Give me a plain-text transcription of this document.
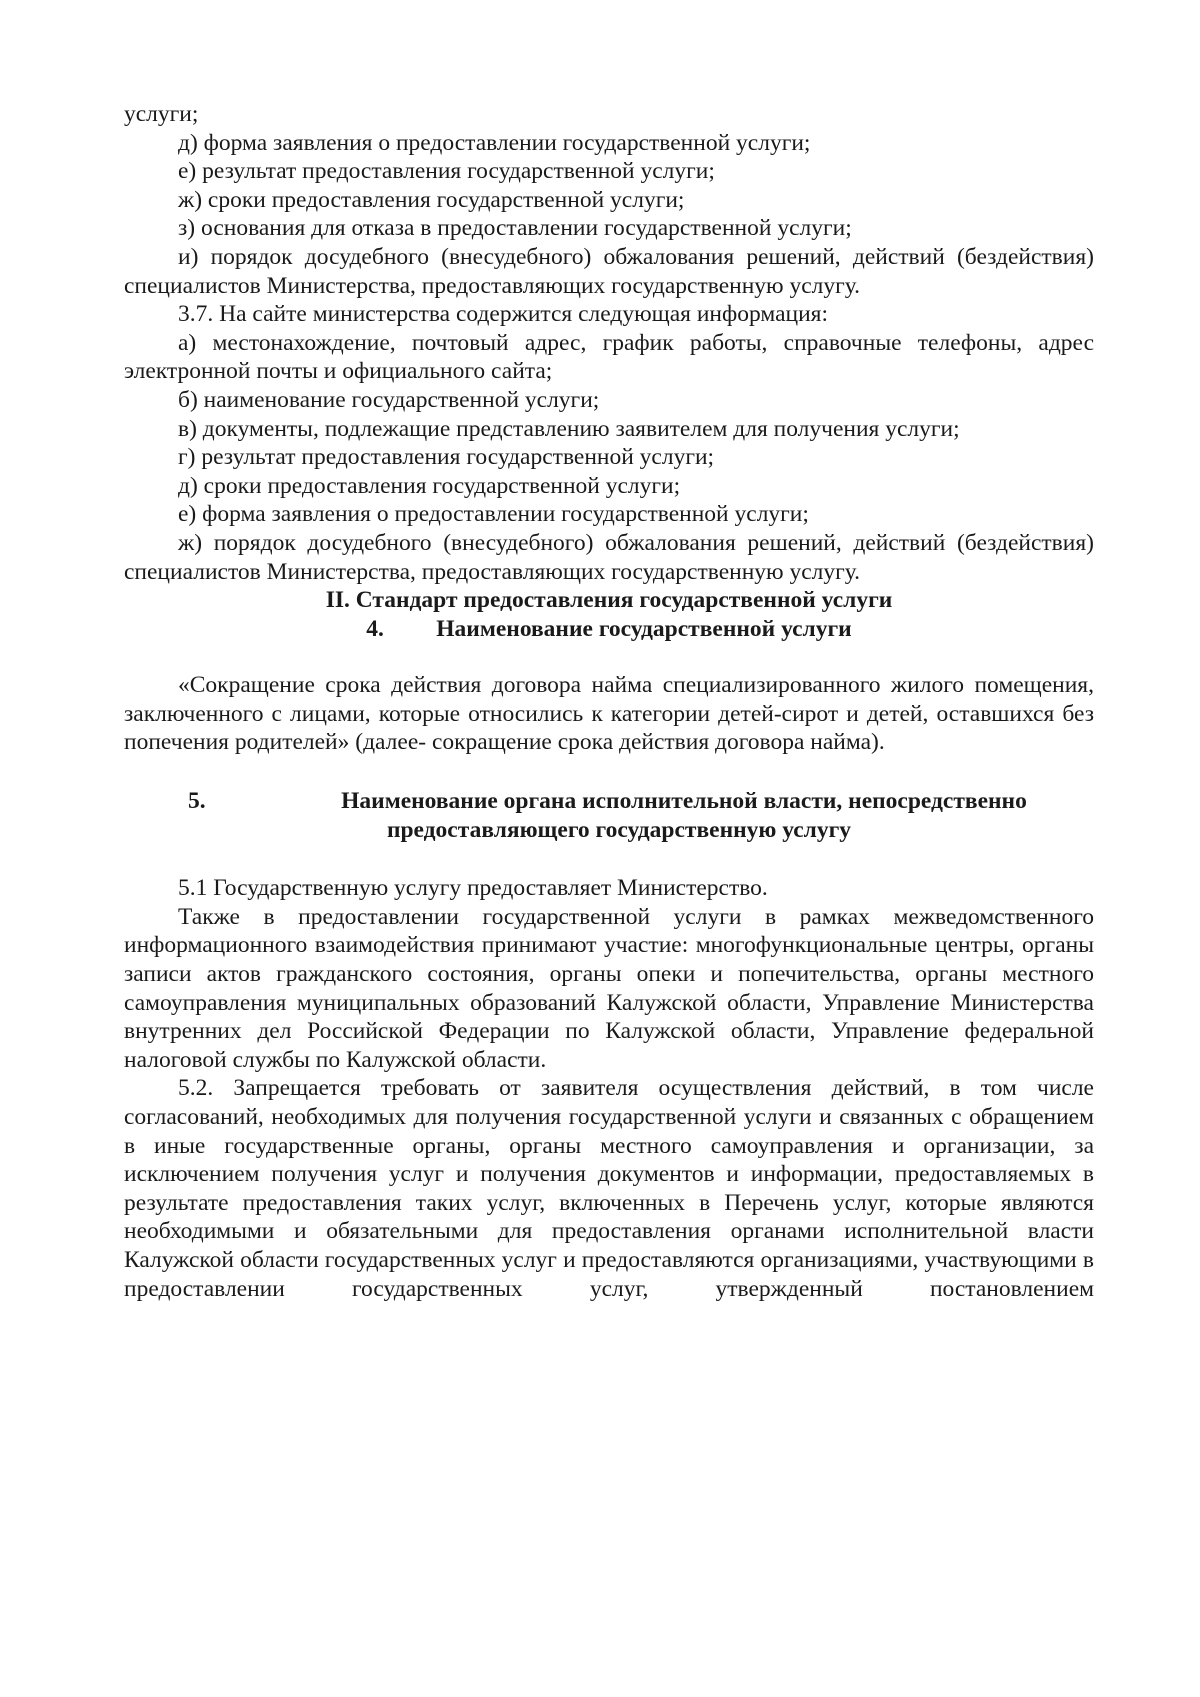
услуги;

д) форма заявления о предоставлении государственной услуги;

е) результат предоставления государственной услуги;

ж) сроки предоставления государственной услуги;

з) основания для отказа в предоставлении государственной услуги;

и) порядок досудебного (внесудебного) обжалования решений, действий (бездействия) специалистов Министерства, предоставляющих государственную услугу.

3.7. На сайте министерства содержится следующая информация:

а) местонахождение, почтовый адрес, график работы, справочные телефоны, адрес электронной почты и официального сайта;

б) наименование государственной услуги;

в) документы, подлежащие представлению заявителем для получения услуги;

г) результат предоставления государственной услуги;

д) сроки предоставления государственной услуги;

е) форма заявления о предоставлении государственной услуги;

ж) порядок досудебного (внесудебного) обжалования решений, действий (бездействия) специалистов Министерства, предоставляющих государственную услугу.

II. Стандарт предоставления государственной услуги

4.	Наименование государственной услуги

«Сокращение срока действия договора найма специализированного жилого помещения, заключенного с лицами, которые относились к категории детей-сирот и детей, оставшихся без попечения родителей» (далее- сокращение срока действия договора найма).

5.	Наименование органа исполнительной власти, непосредственно
предоставляющего государственную услугу

5.1 Государственную услугу предоставляет Министерство.

Также в предоставлении государственной услуги в рамках межведомственного информационного взаимодействия принимают участие: многофункциональные центры, органы записи актов гражданского состояния, органы опеки и попечительства, органы местного самоуправления муниципальных образований Калужской области, Управление Министерства внутренних дел Российской Федерации по Калужской области, Управление федеральной налоговой службы по Калужской области.

5.2. Запрещается требовать от заявителя осуществления действий, в том числе согласований, необходимых для получения государственной услуги и связанных с обращением в иные государственные органы, органы местного самоуправления и организации, за исключением получения услуг и получения документов и информации, предоставляемых в результате предоставления таких услуг, включенных в Перечень услуг, которые являются необходимыми и обязательными для предоставления органами исполнительной власти Калужской области государственных услуг и предоставляются организациями, участвующими в предоставлении государственных услуг, утвержденный постановлением
